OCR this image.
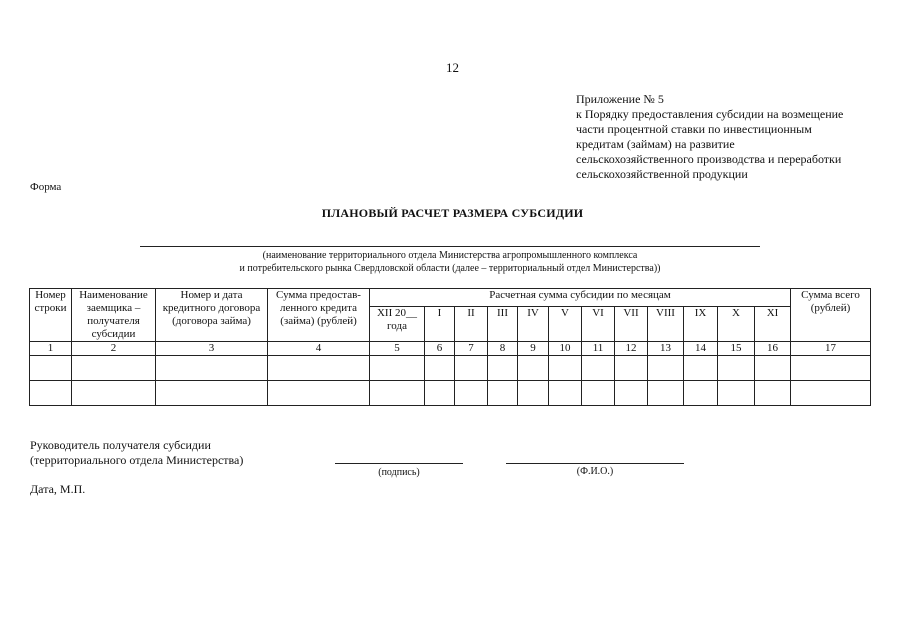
12
Приложение № 5
к Порядку предоставления субсидии на возмещение
части процентной ставки по инвестиционным
кредитам (займам) на развитие
сельскохозяйственного производства и переработки
сельскохозяйственной продукции
Форма
ПЛАНОВЫЙ РАСЧЕТ РАЗМЕРА СУБСИДИИ
(наименование территориального отдела Министерства агропромышленного комплекса
и потребительского рынка Свердловской области (далее – территориальный отдел Министерства))
Номер строки	Наименование заемщика – получателя субсидии	Номер и дата кредитного договора (договора займа)	Сумма предостав-ленного кредита (займа) (рублей)	Расчетная сумма субсидии по месяцам												Сумма всего (рублей)
				XII 20__ года	I	II	III	IV	V	VI	VII	VIII	IX	X	XI	
1	2	3	4	5	6	7	8	9	10	11	12	13	14	15	16	17

Руководитель получателя субсидии
(территориального отдела Министерства)
(подпись)	(Ф.И.О.)
Дата, М.П.
